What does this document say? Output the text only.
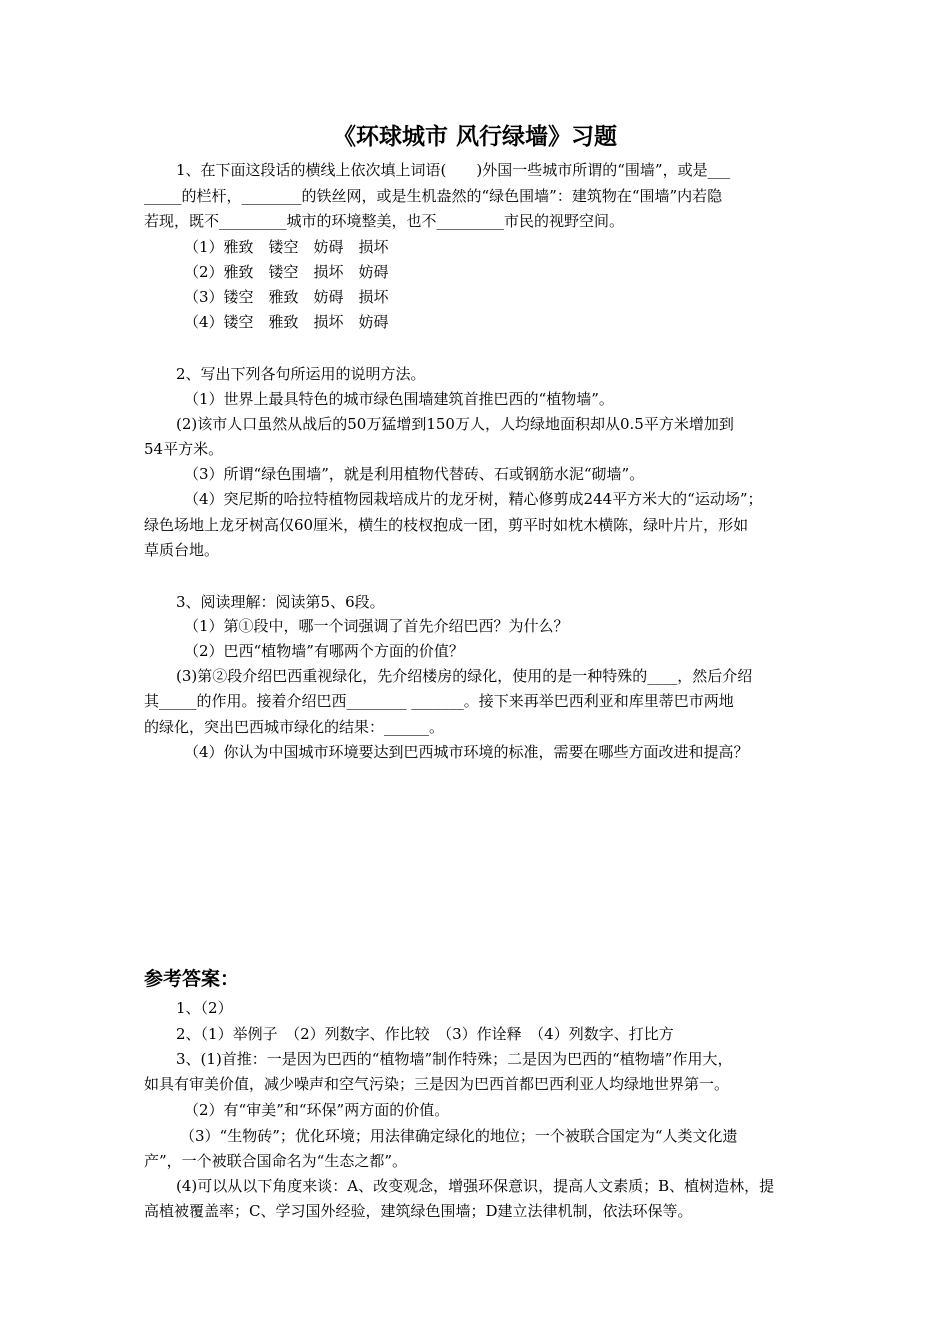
《环球城市 风行绿墙》习题
1、在下面这段话的横线上依次填上词语(　　)外国一些城市所谓的“围墙”，或是___
_____的栏杆，________的铁丝网，或是生机盎然的“绿色围墙”：建筑物在“围墙”内若隐
若现，既不_________城市的环境整美，也不_________市民的视野空间。
（1）雅致　镂空　妨碍　损坏
（2）雅致　镂空　损坏　妨碍
（3）镂空　雅致　妨碍　损坏
（4）镂空　雅致　损坏　妨碍
2、写出下列各句所运用的说明方法。
（1）世界上最具特色的城市绿色围墙建筑首推巴西的“植物墙”。
(2)该市人口虽然从战后的50万猛增到150万人，人均绿地面积却从0.5平方米增加到
54平方米。
（3）所谓“绿色围墙”，就是利用植物代替砖、石或钢筋水泥“砌墙”。
（4）突尼斯的哈拉特植物园栽培成片的龙牙树，精心修剪成244平方米大的“运动场”；
绿色场地上龙牙树高仅60厘米，横生的枝杈抱成一团，剪平时如枕木横陈，绿叶片片，形如
草质台地。
3、阅读理解：阅读第5、6段。
（1）第①段中，哪一个词强调了首先介绍巴西？为什么？
（2）巴西“植物墙”有哪两个方面的价值？
(3)第②段介绍巴西重视绿化，先介绍楼房的绿化，使用的是一种特殊的____，然后介绍
其_____的作用。接着介绍巴西________ _______。接下来再举巴西利亚和库里蒂巴市两地
的绿化，突出巴西城市绿化的结果：______。
（4）你认为中国城市环境要达到巴西城市环境的标准，需要在哪些方面改进和提高？
参考答案：
1、（2）
2、（1）举例子　（2）列数字、作比较　（3）作诠释　（4）列数字、打比方
3、(1)首推：一是因为巴西的“植物墙”制作特殊；二是因为巴西的“植物墙”作用大，
如具有审美价值，减少噪声和空气污染；三是因为巴西首都巴西利亚人均绿地世界第一。
（2）有“审美”和“环保”两方面的价值。
（3）“生物砖”；优化环境；用法律确定绿化的地位；一个被联合国定为“人类文化遗
产”，一个被联合国命名为“生态之都”。
(4)可以从以下角度来谈：A、改变观念，增强环保意识，提高人文素质；B、植树造林，提
高植被覆盖率；C、学习国外经验，建筑绿色围墙；D建立法律机制，依法环保等。
